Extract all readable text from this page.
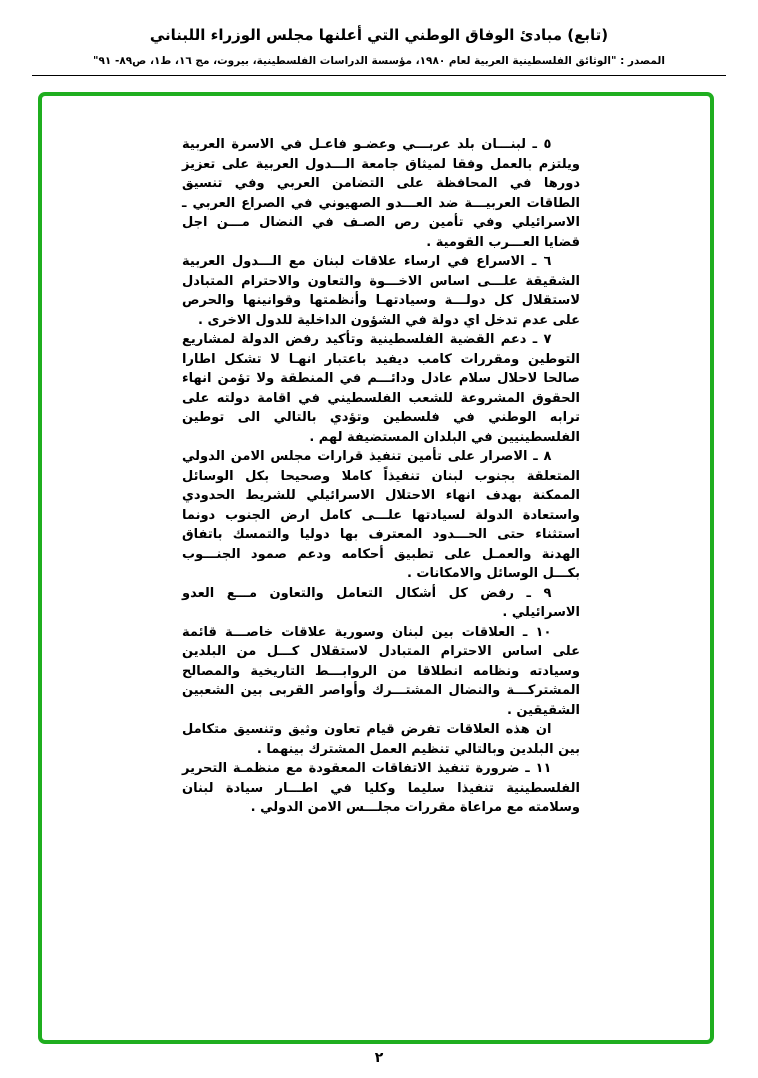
(تابع) مبادئ الوفاق الوطني التي أعلنها مجلس الوزراء اللبناني
المصدر : "الوثائق الفلسطينية العربية لعام ١٩٨٠، مؤسسة الدراسات الفلسطينية، بيروت، مج ١٦، ط١، ص٨٩- ٩١"

٥ ـ لبنـــان بلد عربـــي وعضـو فاعـل في الاسرة العربية ويلتزم بالعمل وفقا لميثاق جامعة الـــدول العربية على تعزيز دورها في المحافظة على التضامن العربي وفي تنسيق الطاقات العربيـــة ضد العـــدو الصهيوني في الصراع العربي ـ الاسرائيلي وفي تأمين رص الصـف في النضال مـــن اجل قضايا العـــرب القومية .

٦ ـ الاسراع في ارساء علاقات لبنان مع الـــدول العربية الشقيقة علـــى اساس الاخـــوة والتعاون والاحترام المتبادل لاستقلال كل دولـــة وسيادتهـا وأنظمتها وقوانينها والحرص على عدم تدخل اي دولة في الشؤون الداخلية للدول الاخرى .

٧ ـ دعم القضية الفلسطينية وتأكيد رفض الدولة لمشاريع التوطين ومقررات كامب ديفيد باعتبار انهـا لا تشكل اطارا صالحا لاحلال سلام عادل ودائـــم في المنطقة ولا تؤمن انهاء الحقوق المشروعة للشعب الفلسطيني في اقامة دولته على ترابه الوطني في فلسطين وتؤدي بالتالي الى توطين الفلسطينيين في البلدان المستضيفة لهم .

٨ ـ الاصرار على تأمين تنفيذ قرارات مجلس الامن الدولي المتعلقة بجنوب لبنان تنفيذاً كاملا وصحيحا بكل الوسائل الممكنة بهدف انهاء الاحتلال الاسرائيلي للشريط الحدودي واستعادة الدولة لسيادتها علـــى كامل ارض الجنوب دونما استثناء حتى الحـــدود المعترف بها دوليا والتمسك باتفاق الهدنة والعمـل على تطبيق أحكامه ودعم صمود الجنـــوب بكـــل الوسائل والامكانات .

٩ ـ رفض كل أشكال التعامل والتعاون مـــع العدو الاسرائيلي .

١٠ ـ العلاقات بين لبنان وسورية علاقات خاصـــة قائمة على اساس الاحترام المتبادل لاستقلال كـــل من البلدين وسيادته ونظامه انطلاقا من الروابـــط التاريخية والمصالح المشتركـــة والنضال المشتـــرك وأواصر القربى بين الشعبين الشقيقين .

ان هذه العلاقات تفرض قيام تعاون وثيق وتنسيق متكامل بين البلدين وبالتالي تنظيم العمل المشترك بينهما .

١١ ـ ضرورة تنفيذ الاتفاقات المعقودة مع منظمـة التحرير الفلسطينية تنفيذا سليما وكليا في اطـــار سيادة لبنان وسلامته مع مراعاة مقررات مجلـــس الامن الدولي .

٢
